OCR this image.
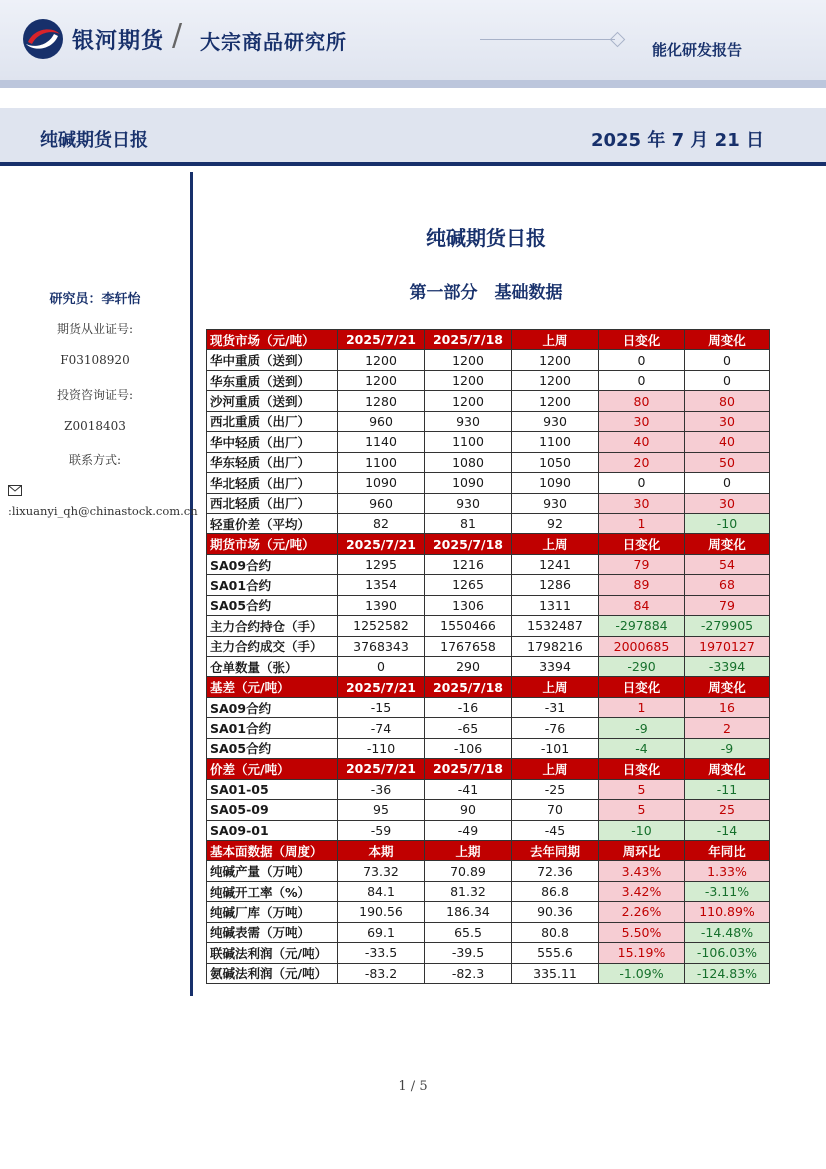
银河期货 / 大宗商品研究所	能化研发报告
纯碱期货日报	2025 年 7 月 21 日
研究员：李轩怡
期货从业证号:
F03108920
投资咨询证号:
Z0018403
联系方式:
:lixuanyi_qh@chinastock.com.cn
纯碱期货日报
第一部分　基础数据
现货市场（元/吨）	2025/7/21	2025/7/18	上周	日变化	周变化
华中重质（送到）	1200	1200	1200	0	0
华东重质（送到）	1200	1200	1200	0	0
沙河重质（送到）	1280	1200	1200	80	80
西北重质（出厂）	960	930	930	30	30
华中轻质（出厂）	1140	1100	1100	40	40
华东轻质（出厂）	1100	1080	1050	20	50
华北轻质（出厂）	1090	1090	1090	0	0
西北轻质（出厂）	960	930	930	30	30
轻重价差（平均）	82	81	92	1	-10
期货市场（元/吨）	2025/7/21	2025/7/18	上周	日变化	周变化
SA09合约	1295	1216	1241	79	54
SA01合约	1354	1265	1286	89	68
SA05合约	1390	1306	1311	84	79
主力合约持仓（手）	1252582	1550466	1532487	-297884	-279905
主力合约成交（手）	3768343	1767658	1798216	2000685	1970127
仓单数量（张）	0	290	3394	-290	-3394
基差（元/吨）	2025/7/21	2025/7/18	上周	日变化	周变化
SA09合约	-15	-16	-31	1	16
SA01合约	-74	-65	-76	-9	2
SA05合约	-110	-106	-101	-4	-9
价差（元/吨）	2025/7/21	2025/7/18	上周	日变化	周变化
SA01-05	-36	-41	-25	5	-11
SA05-09	95	90	70	5	25
SA09-01	-59	-49	-45	-10	-14
基本面数据（周度）	本期	上期	去年同期	周环比	年同比
纯碱产量（万吨）	73.32	70.89	72.36	3.43%	1.33%
纯碱开工率（%）	84.1	81.32	86.8	3.42%	-3.11%
纯碱厂库（万吨）	190.56	186.34	90.36	2.26%	110.89%
纯碱表需（万吨）	69.1	65.5	80.8	5.50%	-14.48%
联碱法利润（元/吨）	-33.5	-39.5	555.6	15.19%	-106.03%
氨碱法利润（元/吨）	-83.2	-82.3	335.11	-1.09%	-124.83%
1 / 5
